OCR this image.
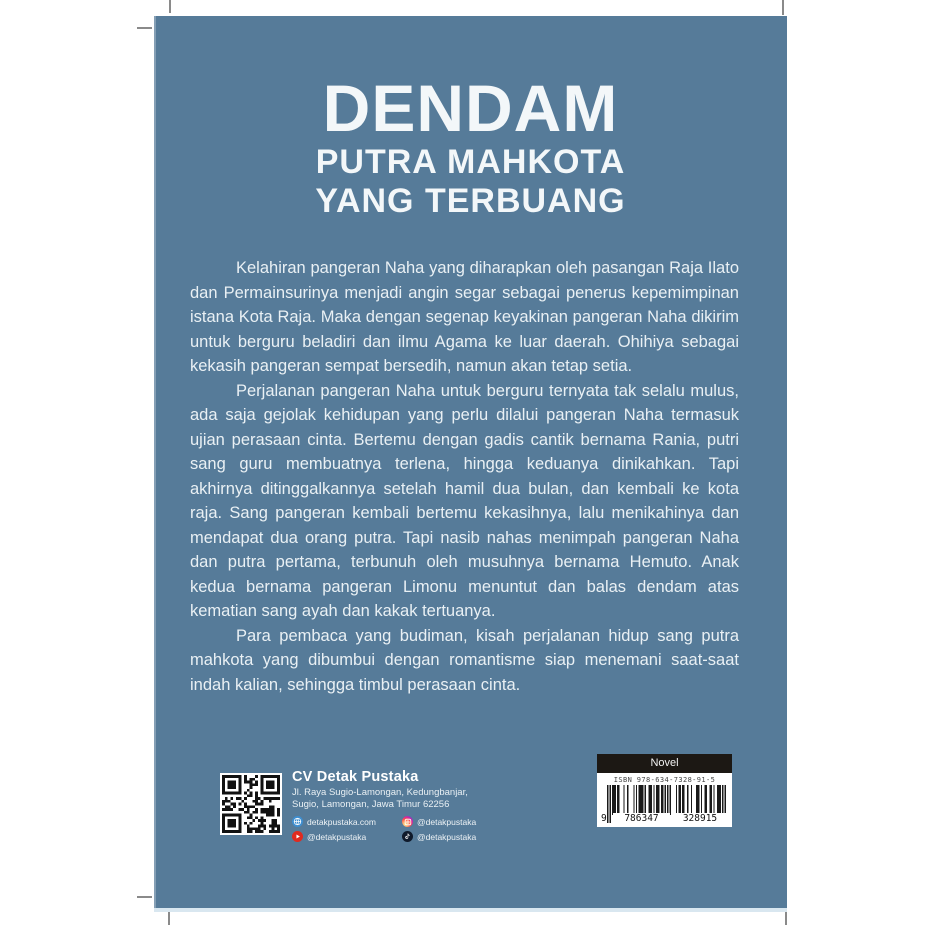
DENDAM
PUTRA MAHKOTA
YANG TERBUANG

Kelahiran pangeran Naha yang diharapkan oleh pasangan Raja Ilato dan Permainsurinya menjadi angin segar sebagai penerus kepemimpinan istana Kota Raja. Maka dengan segenap keyakinan pangeran Naha dikirim untuk berguru beladiri dan ilmu Agama ke luar daerah. Ohihiya sebagai kekasih pangeran sempat bersedih, namun akan tetap setia.

Perjalanan pangeran Naha untuk berguru ternyata tak selalu mulus, ada saja gejolak kehidupan yang perlu dilalui pangeran Naha termasuk ujian perasaan cinta. Bertemu dengan gadis cantik bernama Rania, putri sang guru membuatnya terlena, hingga keduanya dinikahkan. Tapi akhirnya ditinggalkannya setelah hamil dua bulan, dan kembali ke kota raja. Sang pangeran kembali bertemu kekasihnya, lalu menikahinya dan mendapat dua orang putra. Tapi nasib nahas menimpah pangeran Naha dan putra pertama, terbunuh oleh musuhnya bernama Hemuto. Anak kedua bernama pangeran Limonu menuntut dan balas dendam atas kematian sang ayah dan kakak tertuanya.

Para pembaca yang budiman, kisah perjalanan hidup sang putra mahkota yang dibumbui dengan romantisme siap menemani saat-saat indah kalian, sehingga timbul perasaan cinta.

CV Detak Pustaka

Jl. Raya Sugio-Lamongan, Kedungbanjar,
Sugio, Lamongan, Jawa Timur 62256
detakpustaka.com	@detakpustaka
@detakpustaka	@detakpustaka
Novel
ISBN 978-634-7328-91-5
9	786347	328915
